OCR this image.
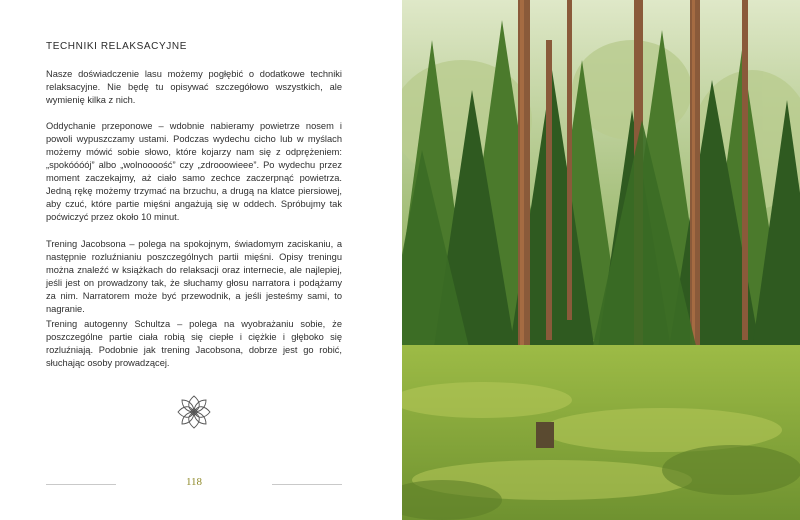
TECHNIKI RELAKSACYJNE

Nasze doświadczenie lasu możemy pogłębić o dodatkowe techniki relaksacyjne. Nie będę tu opisywać szczegółowo wszystkich, ale wymienię kilka z nich.

Oddychanie przeponowe – wdobnie nabieramy powietrze nosem i powoli wypuszczamy ustami. Podczas wydechu cicho lub w myślach możemy mówić sobie słowo, które kojarzy nam się z odprężeniem: „spokóóóój” albo „wolnoooość” czy „zdrooowieee”. Po wydechu przez moment zaczekajmy, aż ciało samo zechce zaczerpnąć powietrza. Jedną rękę możemy trzymać na brzuchu, a drugą na klatce piersiowej, aby czuć, które partie mięśni angażują się w oddech. Spróbujmy tak poćwiczyć przez około 10 minut.

Trening Jacobsona – polega na spokojnym, świadomym zaciskaniu, a następnie rozluźnianiu poszczególnych partii mięśni. Opisy treningu można znaleźć w książkach do relaksacji oraz internecie, ale najlepiej, jeśli jest on prowadzony tak, że słuchamy głosu narratora i podążamy za nim. Narratorem może być przewodnik, a jeśli jesteśmy sami, to nagranie.

Trening autogenny Schultza – polega na wyobrażaniu sobie, że poszczególne partie ciała robią się ciepłe i ciężkie i głęboko się rozluźniają. Podobnie jak trening Jacobsona, dobrze jest go robić, słuchając osoby prowadzącej.

118
